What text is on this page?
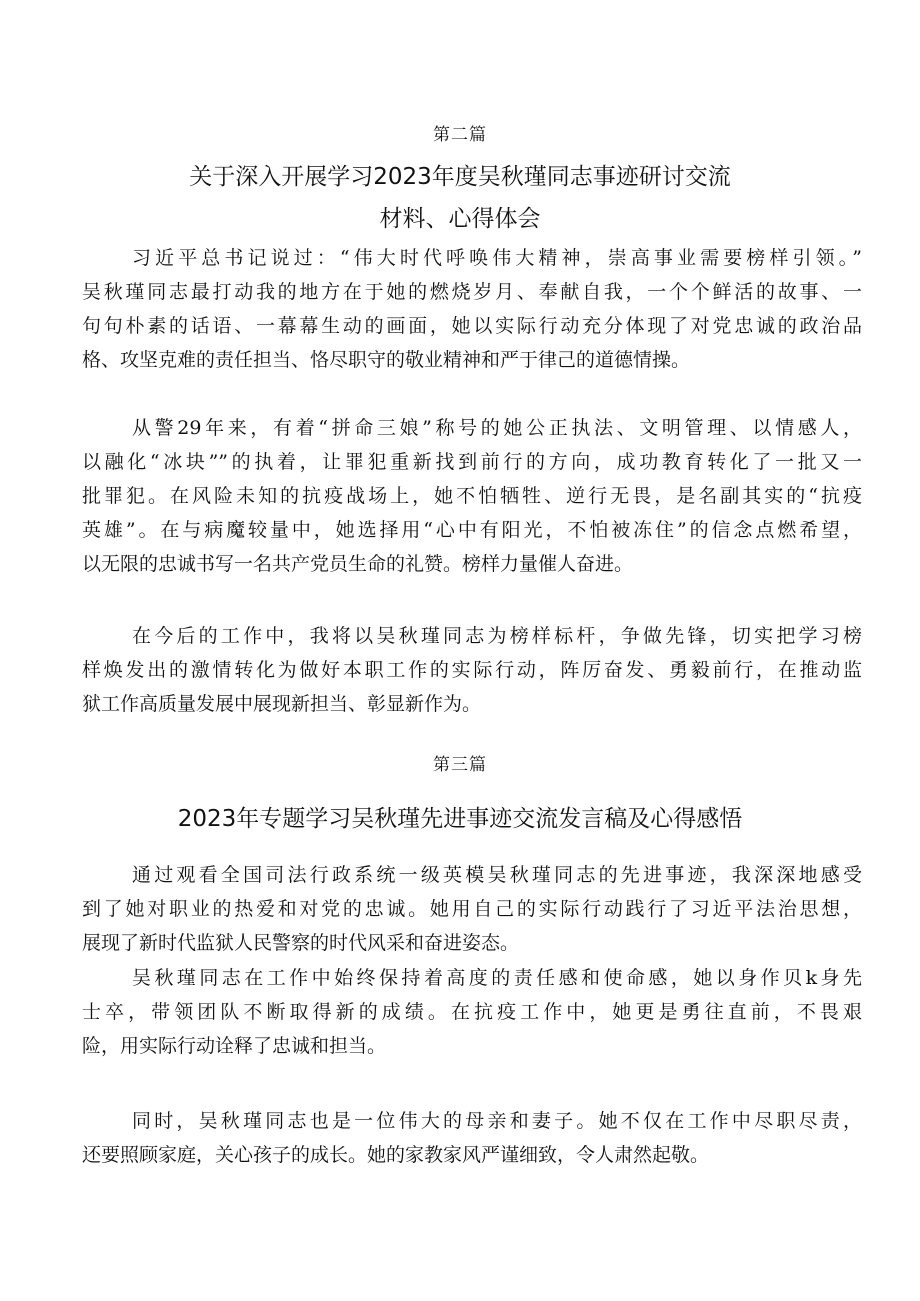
第二篇
关于深入开展学习2023年度吴秋瑾同志事迹研讨交流
材料、心得体会
习近平总书记说过：“伟大时代呼唤伟大精神，崇高事业需要榜样引领。”
吴秋瑾同志最打动我的地方在于她的燃烧岁月、奉献自我，一个个鲜活的故事、一
句句朴素的话语、一幕幕生动的画面，她以实际行动充分体现了对党忠诚的政治品
格、攻坚克难的责任担当、恪尽职守的敬业精神和严于律己的道德情操。
从警29年来，有着“拼命三娘”称号的她公正执法、文明管理、以情感人，
以融化“冰块””的执着，让罪犯重新找到前行的方向，成功教育转化了一批又一
批罪犯。在风险未知的抗疫战场上，她不怕牺牲、逆行无畏，是名副其实的“抗疫
英雄”。在与病魔较量中，她选择用“心中有阳光，不怕被冻住”的信念点燃希望，
以无限的忠诚书写一名共产党员生命的礼赞。榜样力量催人奋进。
在今后的工作中，我将以吴秋瑾同志为榜样标杆，争做先锋，切实把学习榜
样焕发出的激情转化为做好本职工作的实际行动，阵厉奋发、勇毅前行，在推动监
狱工作高质量发展中展现新担当、彰显新作为。
第三篇
2023年专题学习吴秋瑾先进事迹交流发言稿及心得感悟
通过观看全国司法行政系统一级英模吴秋瑾同志的先进事迹，我深深地感受
到了她对职业的热爱和对党的忠诚。她用自己的实际行动践行了习近平法治思想，
展现了新时代监狱人民警察的时代风采和奋进姿态。
吴秋瑾同志在工作中始终保持着高度的责任感和使命感，她以身作贝k身先
士卒，带领团队不断取得新的成绩。在抗疫工作中，她更是勇往直前，不畏艰
险，用实际行动诠释了忠诚和担当。
同时，吴秋瑾同志也是一位伟大的母亲和妻子。她不仅在工作中尽职尽责，
还要照顾家庭，关心孩子的成长。她的家教家风严谨细致，令人肃然起敬。
